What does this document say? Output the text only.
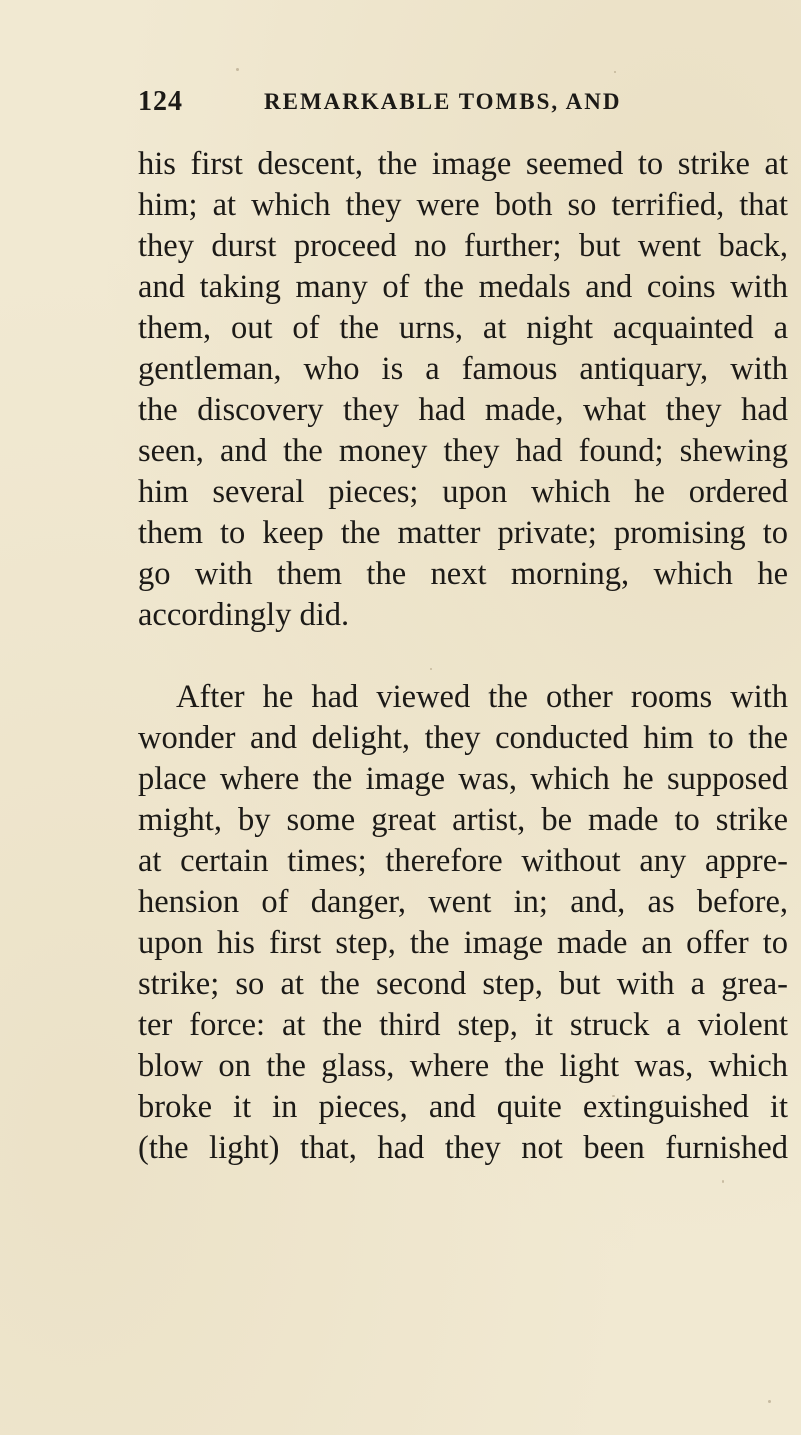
124	REMARKABLE TOMBS, AND
his first descent, the image seemed to strike at
him; at which they were both so terrified, that
they durst proceed no further; but went back,
and taking many of the medals and coins with
them, out of the urns, at night acquainted a
gentleman, who is a famous antiquary, with
the discovery they had made, what they had
seen, and the money they had found; shewing
him several pieces; upon which he ordered
them to keep the matter private; promising to
go with them the next morning, which he
accordingly did.
After he had viewed the other rooms with
wonder and delight, they conducted him to the
place where the image was, which he supposed
might, by some great artist, be made to strike
at certain times; therefore without any appre-
hension of danger, went in; and, as before,
upon his first step, the image made an offer to
strike; so at the second step, but with a grea-
ter force: at the third step, it struck a violent
blow on the glass, where the light was, which
broke it in pieces, and quite extinguished it
(the light) that, had they not been furnished
